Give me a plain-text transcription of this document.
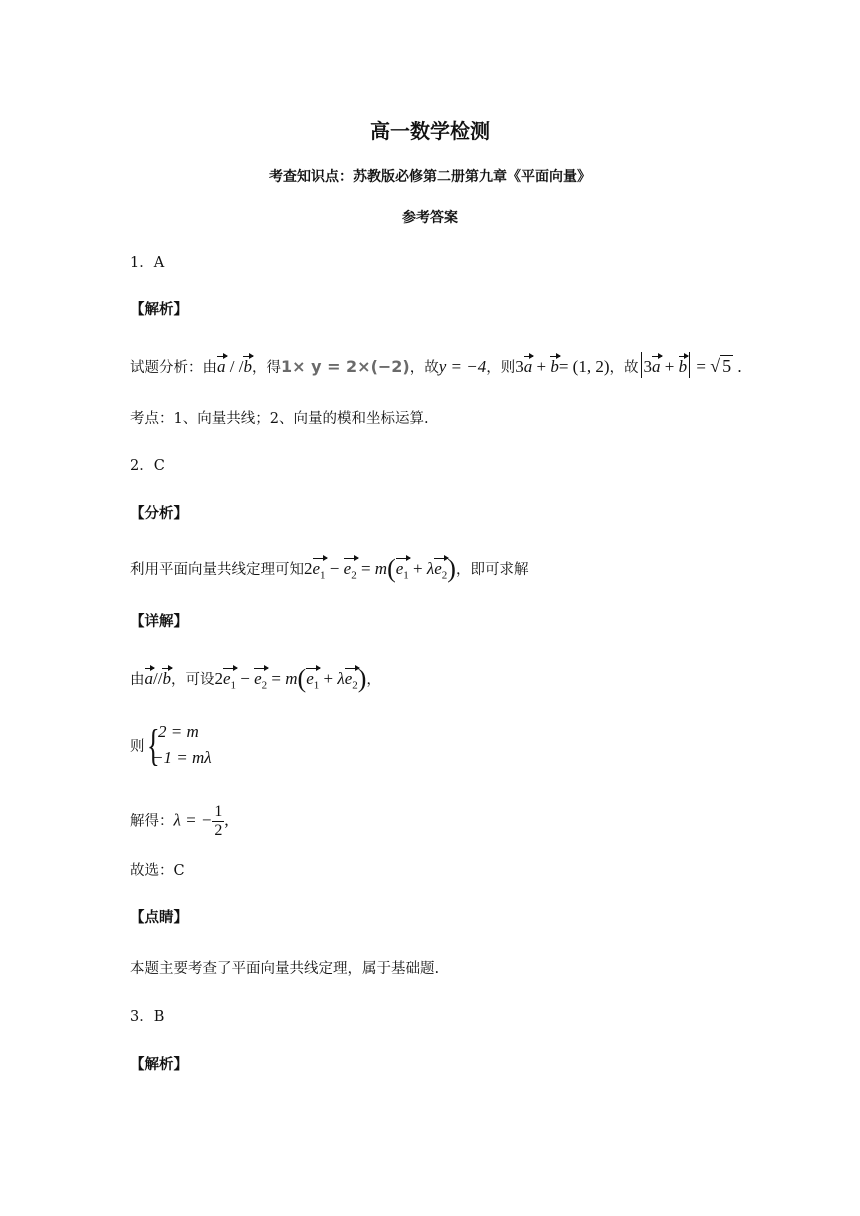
高一数学检测
考查知识点：苏教版必修第二册第九章《平面向量》
参考答案
1．A
【解析】
试题分析：由a / /b，得1× y = 2×(−2)，故y = −4，则3a + b= (1, 2)，故 3a + b = √ 5 .
考点：1、向量共线；2、向量的模和坐标运算.
2．C
【分析】
利用平面向量共线定理可知$2e_1 - e_2 = m(e_1 + \lambda e_2)$，即可求解
【详解】
由a//b，可设$2e_1 - e_2 = m(e_1 + \lambda e_2)$，
则 {
2 = m
−1 = mλ
解得：λ = − $\frac{1}{2}$ ,
故选：C
【点睛】
本题主要考查了平面向量共线定理，属于基础题.
3．B
【解析】
